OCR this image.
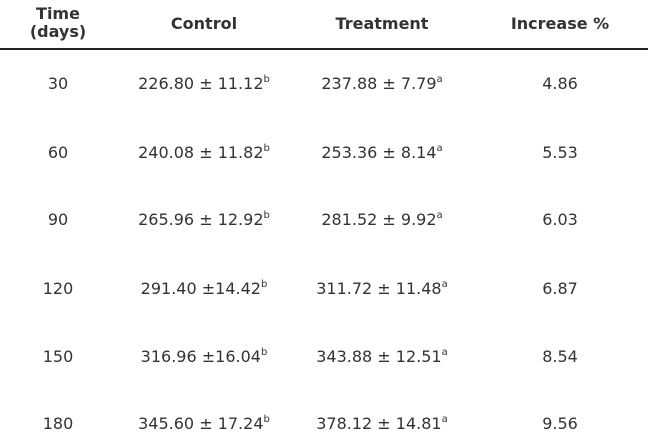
Time
(days)	Control	Treatment	Increase %
30	226.80 ± 11.12$^b$	237.88 ± 7.79$^a$	4.86
60	240.08 ± 11.82$^b$	253.36 ± 8.14$^a$	5.53
90	265.96 ± 12.92$^b$	281.52 ± 9.92$^a$	6.03
120	291.40 ±14.42$^b$	311.72 ± 11.48$^a$	6.87
150	316.96 ±16.04$^b$	343.88 ± 12.51$^a$	8.54
180	345.60 ± 17.24$^b$	378.12 ± 14.81$^a$	9.56
